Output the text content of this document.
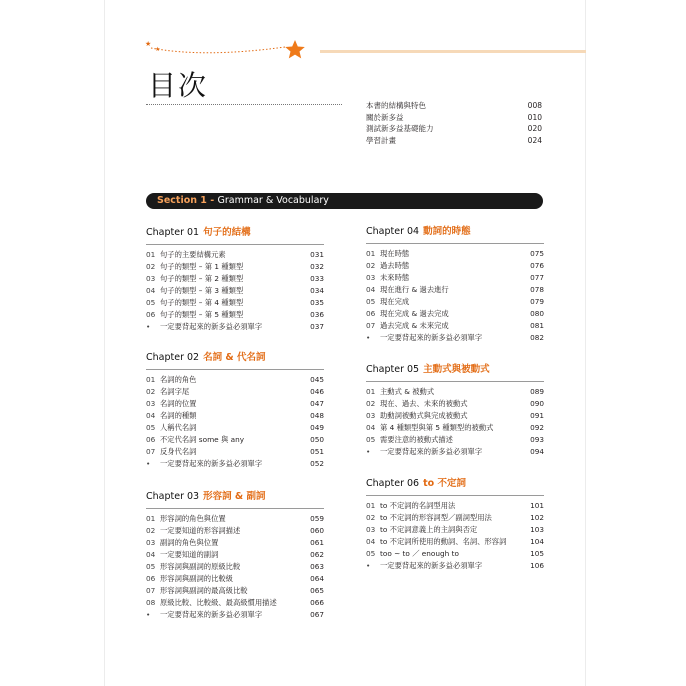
★
★
目次
本書的結構與特色	008
關於新多益	010
測試新多益基礎能力	020
學習計畫	024
Section 1 - Grammar & Vocabulary
Chapter 01 句子的結構
01 句子的主要結構元素	031
02 句子的類型 – 第 1 種類型	032
03 句子的類型 – 第 2 種類型	033
04 句子的類型 – 第 3 種類型	034
05 句子的類型 – 第 4 種類型	035
06 句子的類型 – 第 5 種類型	036
•	一定要背起來的新多益必須單字	037
Chapter 02 名詞 & 代名詞
01 名詞的角色	045
02 名詞字尾	046
03 名詞的位置	047
04 名詞的種類	048
05 人稱代名詞	049
06 不定代名詞 some 與 any	050
07 反身代名詞	051
•	一定要背起來的新多益必須單字	052
Chapter 03 形容詞 & 副詞
01 形容詞的角色與位置	059
02 一定要知道的形容詞描述	060
03 副詞的角色與位置	061
04 一定要知道的副詞	062
05 形容詞與副詞的原級比較	063
06 形容詞與副詞的比較級	064
07 形容詞與副詞的最高級比較	065
08 原級比較、比較級、最高級慣用描述	066
•	一定要背起來的新多益必須單字	067
Chapter 04 動詞的時態
01 現在時態	075
02 過去時態	076
03 未來時態	077
04 現在進行 & 過去進行	078
05 現在完成	079
06 現在完成 & 過去完成	080
07 過去完成 & 未來完成	081
•	一定要背起來的新多益必須單字	082
Chapter 05 主動式與被動式
01 主動式 & 被動式	089
02 現在、過去、未來的被動式	090
03 助動詞被動式與完成被動式	091
04 第 4 種類型與第 5 種類型的被動式	092
05 需要注意的被動式描述	093
•	一定要背起來的新多益必須單字	094
Chapter 06 to 不定詞
01 to 不定詞的名詞型用法	101
02 to 不定詞的形容詞型／副詞型用法	102
03 to 不定詞意義上的主詞與否定	103
04 to 不定詞所使用的動詞、名詞、形容詞	104
05 too ~ to ／ enough to	105
•	一定要背起來的新多益必須單字	106
